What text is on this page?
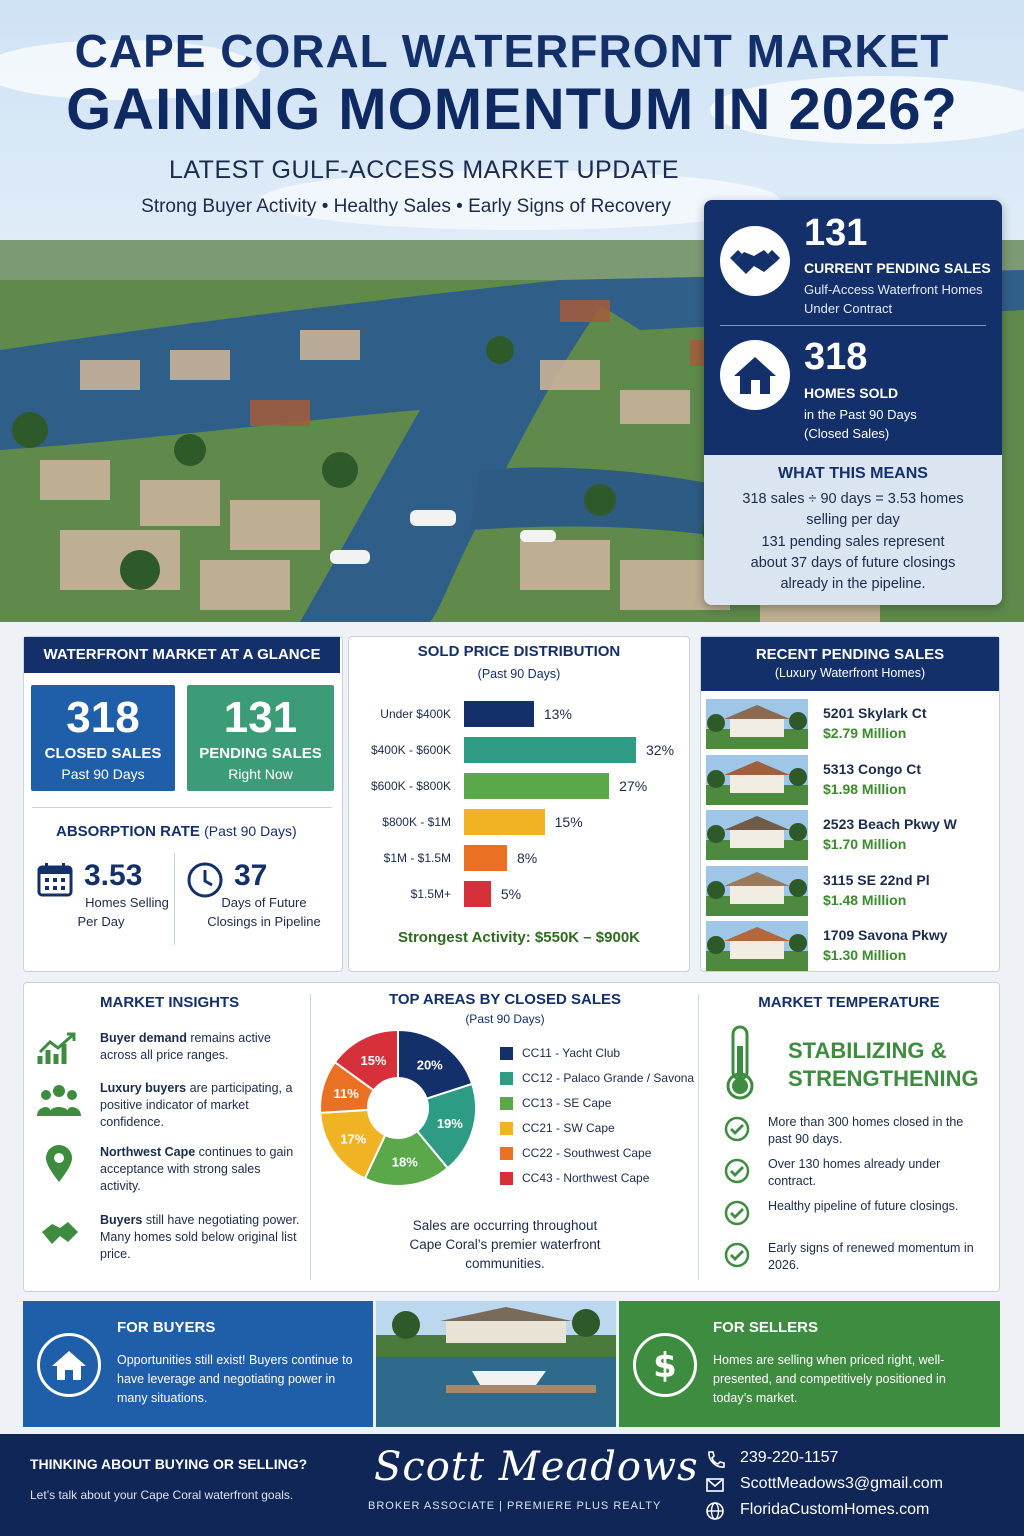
CAPE CORAL WATERFRONT MARKET
GAINING MOMENTUM IN 2026?
LATEST GULF-ACCESS MARKET UPDATE
Strong Buyer Activity • Healthy Sales • Early Signs of Recovery
131
CURRENT PENDING SALES
Gulf-Access Waterfront Homes
Under Contract
318
HOMES SOLD
in the Past 90 Days
(Closed Sales)
WHAT THIS MEANS
318 sales ÷ 90 days = 3.53 homes
selling per day
131 pending sales represent
about 37 days of future closings
already in the pipeline.
WATERFRONT MARKET AT A GLANCE
318
CLOSED SALES
Past 90 Days
131
PENDING SALES
Right Now
ABSORPTION RATE (Past 90 Days)
3.53
Homes Selling
Per Day
37
Days of Future
Closings in Pipeline
SOLD PRICE DISTRIBUTION
(Past 90 Days)
Under $400K	13%
$400K - $600K	32%
$600K - $800K	27%
$800K - $1M	15%
$1M - $1.5M	8%
$1.5M+	5%
Strongest Activity: $550K – $900K
RECENT PENDING SALES
(Luxury Waterfront Homes)
5201 Skylark Ct
$2.79 Million
5313 Congo Ct
$1.98 Million
2523 Beach Pkwy W
$1.70 Million
3115 SE 22nd Pl
$1.48 Million
1709 Savona Pkwy
$1.30 Million
MARKET INSIGHTS
Buyer demand remains active across all price ranges.
Luxury buyers are participating, a positive indicator of market confidence.
Northwest Cape continues to gain acceptance with strong sales activity.
Buyers still have negotiating power. Many homes sold below original list price.
TOP AREAS BY CLOSED SALES
(Past 90 Days)
20%
19%
18%
17%
11%
15%	CC11 - Yacht Club
CC12 - Palaco Grande / Savona
CC13 - SE Cape
CC21 - SW Cape
CC22 - Southwest Cape
CC43 - Northwest Cape
Sales are occurring throughout
Cape Coral’s premier waterfront
communities.
MARKET TEMPERATURE
STABILIZING &
STRENGTHENING
More than 300 homes closed in the past 90 days.
Over 130 homes already under contract.
Healthy pipeline of future closings.
Early signs of renewed momentum in 2026.
FOR BUYERS
Opportunities still exist! Buyers continue to have leverage and negotiating power in many situations.
$
FOR SELLERS
Homes are selling when priced right, well-presented, and competitively positioned in today’s market.
THINKING ABOUT BUYING OR SELLING?
Let’s talk about your Cape Coral waterfront goals.
Scott Meadows
BROKER ASSOCIATE | PREMIERE PLUS REALTY
239-220-1157
ScottMeadows3@gmail.com
FloridaCustomHomes.com
